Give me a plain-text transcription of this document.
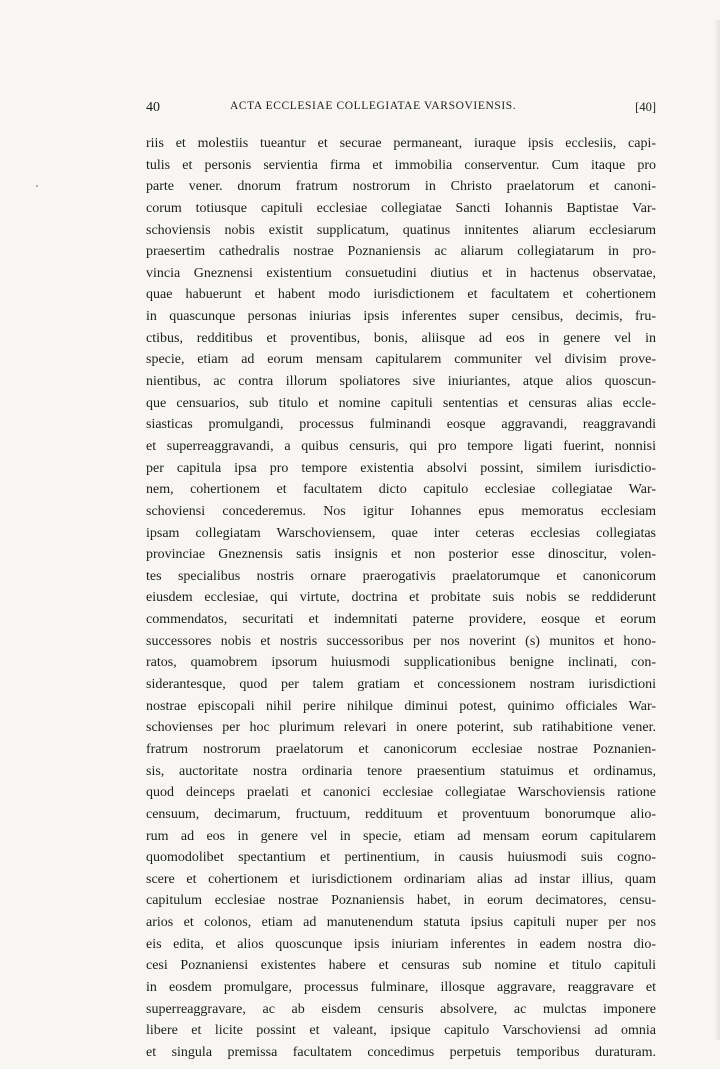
40	ACTA ECCLESIAE COLLEGIATAE VARSOVIENSIS.	[40]
riis et molestiis tueantur et securae permaneant, iuraque ipsis ecclesiis, capi-
tulis et personis servientia firma et immobilia conserventur. Cum itaque pro
parte vener. dnorum fratrum nostrorum in Christo praelatorum et canoni-
corum totiusque capituli ecclesiae collegiatae Sancti Iohannis Baptistae Var-
schoviensis nobis existit supplicatum, quatinus innitentes aliarum ecclesiarum
praesertim cathedralis nostrae Poznaniensis ac aliarum collegiatarum in pro-
vincia Gneznensi existentium consuetudini diutius et in hactenus observatae,
quae habuerunt et habent modo iurisdictionem et facultatem et cohertionem
in quascunque personas iniurias ipsis inferentes super censibus, decimis, fru-
ctibus, redditibus et proventibus, bonis, aliisque ad eos in genere vel in
specie, etiam ad eorum mensam capitularem communiter vel divisim prove-
nientibus, ac contra illorum spoliatores sive iniuriantes, atque alios quoscun-
que censuarios, sub titulo et nomine capituli sententias et censuras alias eccle-
siasticas promulgandi, processus fulminandi eosque aggravandi, reaggravandi
et superreaggravandi, a quibus censuris, qui pro tempore ligati fuerint, nonnisi
per capitula ipsa pro tempore existentia absolvi possint, similem iurisdictio-
nem, cohertionem et facultatem dicto capitulo ecclesiae collegiatae War-
schoviensi concederemus. Nos igitur Iohannes epus memoratus ecclesiam
ipsam collegiatam Warschoviensem, quae inter ceteras ecclesias collegiatas
provinciae Gneznensis satis insignis et non posterior esse dinoscitur, volen-
tes specialibus nostris ornare praerogativis praelatorumque et canonicorum
eiusdem ecclesiae, qui virtute, doctrina et probitate suis nobis se reddiderunt
commendatos, securitati et indemnitati paterne providere, eosque et eorum
successores nobis et nostris successoribus per nos noverint (s) munitos et hono-
ratos, quamobrem ipsorum huiusmodi supplicationibus benigne inclinati, con-
siderantesque, quod per talem gratiam et concessionem nostram iurisdictioni
nostrae episcopali nihil perire nihilque diminui potest, quinimo officiales War-
schovienses per hoc plurimum relevari in onere poterint, sub ratihabitione vener.
fratrum nostrorum praelatorum et canonicorum ecclesiae nostrae Poznanien-
sis, auctoritate nostra ordinaria tenore praesentium statuimus et ordinamus,
quod deinceps praelati et canonici ecclesiae collegiatae Warschoviensis ratione
censuum, decimarum, fructuum, reddituum et proventuum bonorumque alio-
rum ad eos in genere vel in specie, etiam ad mensam eorum capitularem
quomodolibet spectantium et pertinentium, in causis huiusmodi suis cogno-
scere et cohertionem et iurisdictionem ordinariam alias ad instar illius, quam
capitulum ecclesiae nostrae Poznaniensis habet, in eorum decimatores, censu-
arios et colonos, etiam ad manutenendum statuta ipsius capituli nuper per nos
eis edita, et alios quoscunque ipsis iniuriam inferentes in eadem nostra dio-
cesi Poznaniensi existentes habere et censuras sub nomine et titulo capituli
in eosdem promulgare, processus fulminare, illosque aggravare, reaggravare et
superreaggravare, ac ab eisdem censuris absolvere, ac mulctas imponere
libere et licite possint et valeant, ipsique capitulo Varschoviensi ad omnia
et singula premissa facultatem concedimus perpetuis temporibus duraturam.
